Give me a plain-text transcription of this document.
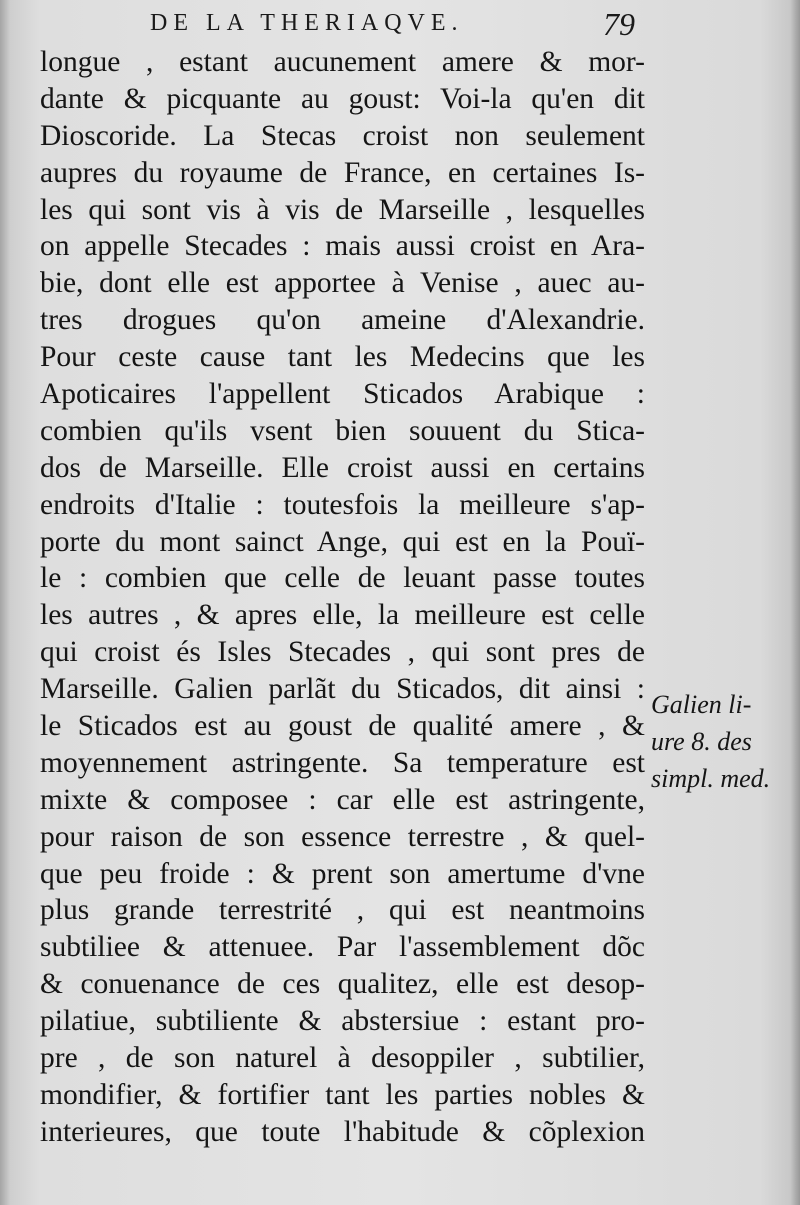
DE LA THERIAQVE.	79
longue , estant aucunement amere & mor-
dante & picquante au goust: Voi-la qu'en dit
Dioscoride. La Stecas croist non seulement
aupres du royaume de France, en certaines Is-
les qui sont vis à vis de Marseille , lesquelles
on appelle Stecades : mais aussi croist en Ara-
bie, dont elle est apportee à Venise , auec au-
tres drogues qu'on ameine d'Alexandrie.
Pour ceste cause tant les Medecins que les
Apoticaires l'appellent Sticados Arabique :
combien qu'ils vsent bien souuent du Stica-
dos de Marseille. Elle croist aussi en certains
endroits d'Italie : toutesfois la meilleure s'ap-
porte du mont sainct Ange, qui est en la Pouï-
le : combien que celle de leuant passe toutes
les autres , & apres elle, la meilleure est celle
qui croist és Isles Stecades , qui sont pres de
Marseille. Galien parlãt du Sticados, dit ainsi :
le Sticados est au goust de qualité amere , &
moyennement astringente. Sa temperature est
mixte & composee : car elle est astringente,
pour raison de son essence terrestre , & quel-
que peu froide : & prent son amertume d'vne
plus grande terrestrité , qui est neantmoins
subtiliee & attenuee. Par l'assemblement dõc
& conuenance de ces qualitez, elle est desop-
pilatiue, subtiliente & abstersiue : estant pro-
pre , de son naturel à desoppiler , subtilier,
mondifier, & fortifier tant les parties nobles &
interieures, que toute l'habitude & cõplexion
Galien li-
ure 8. des
simpl. med.
